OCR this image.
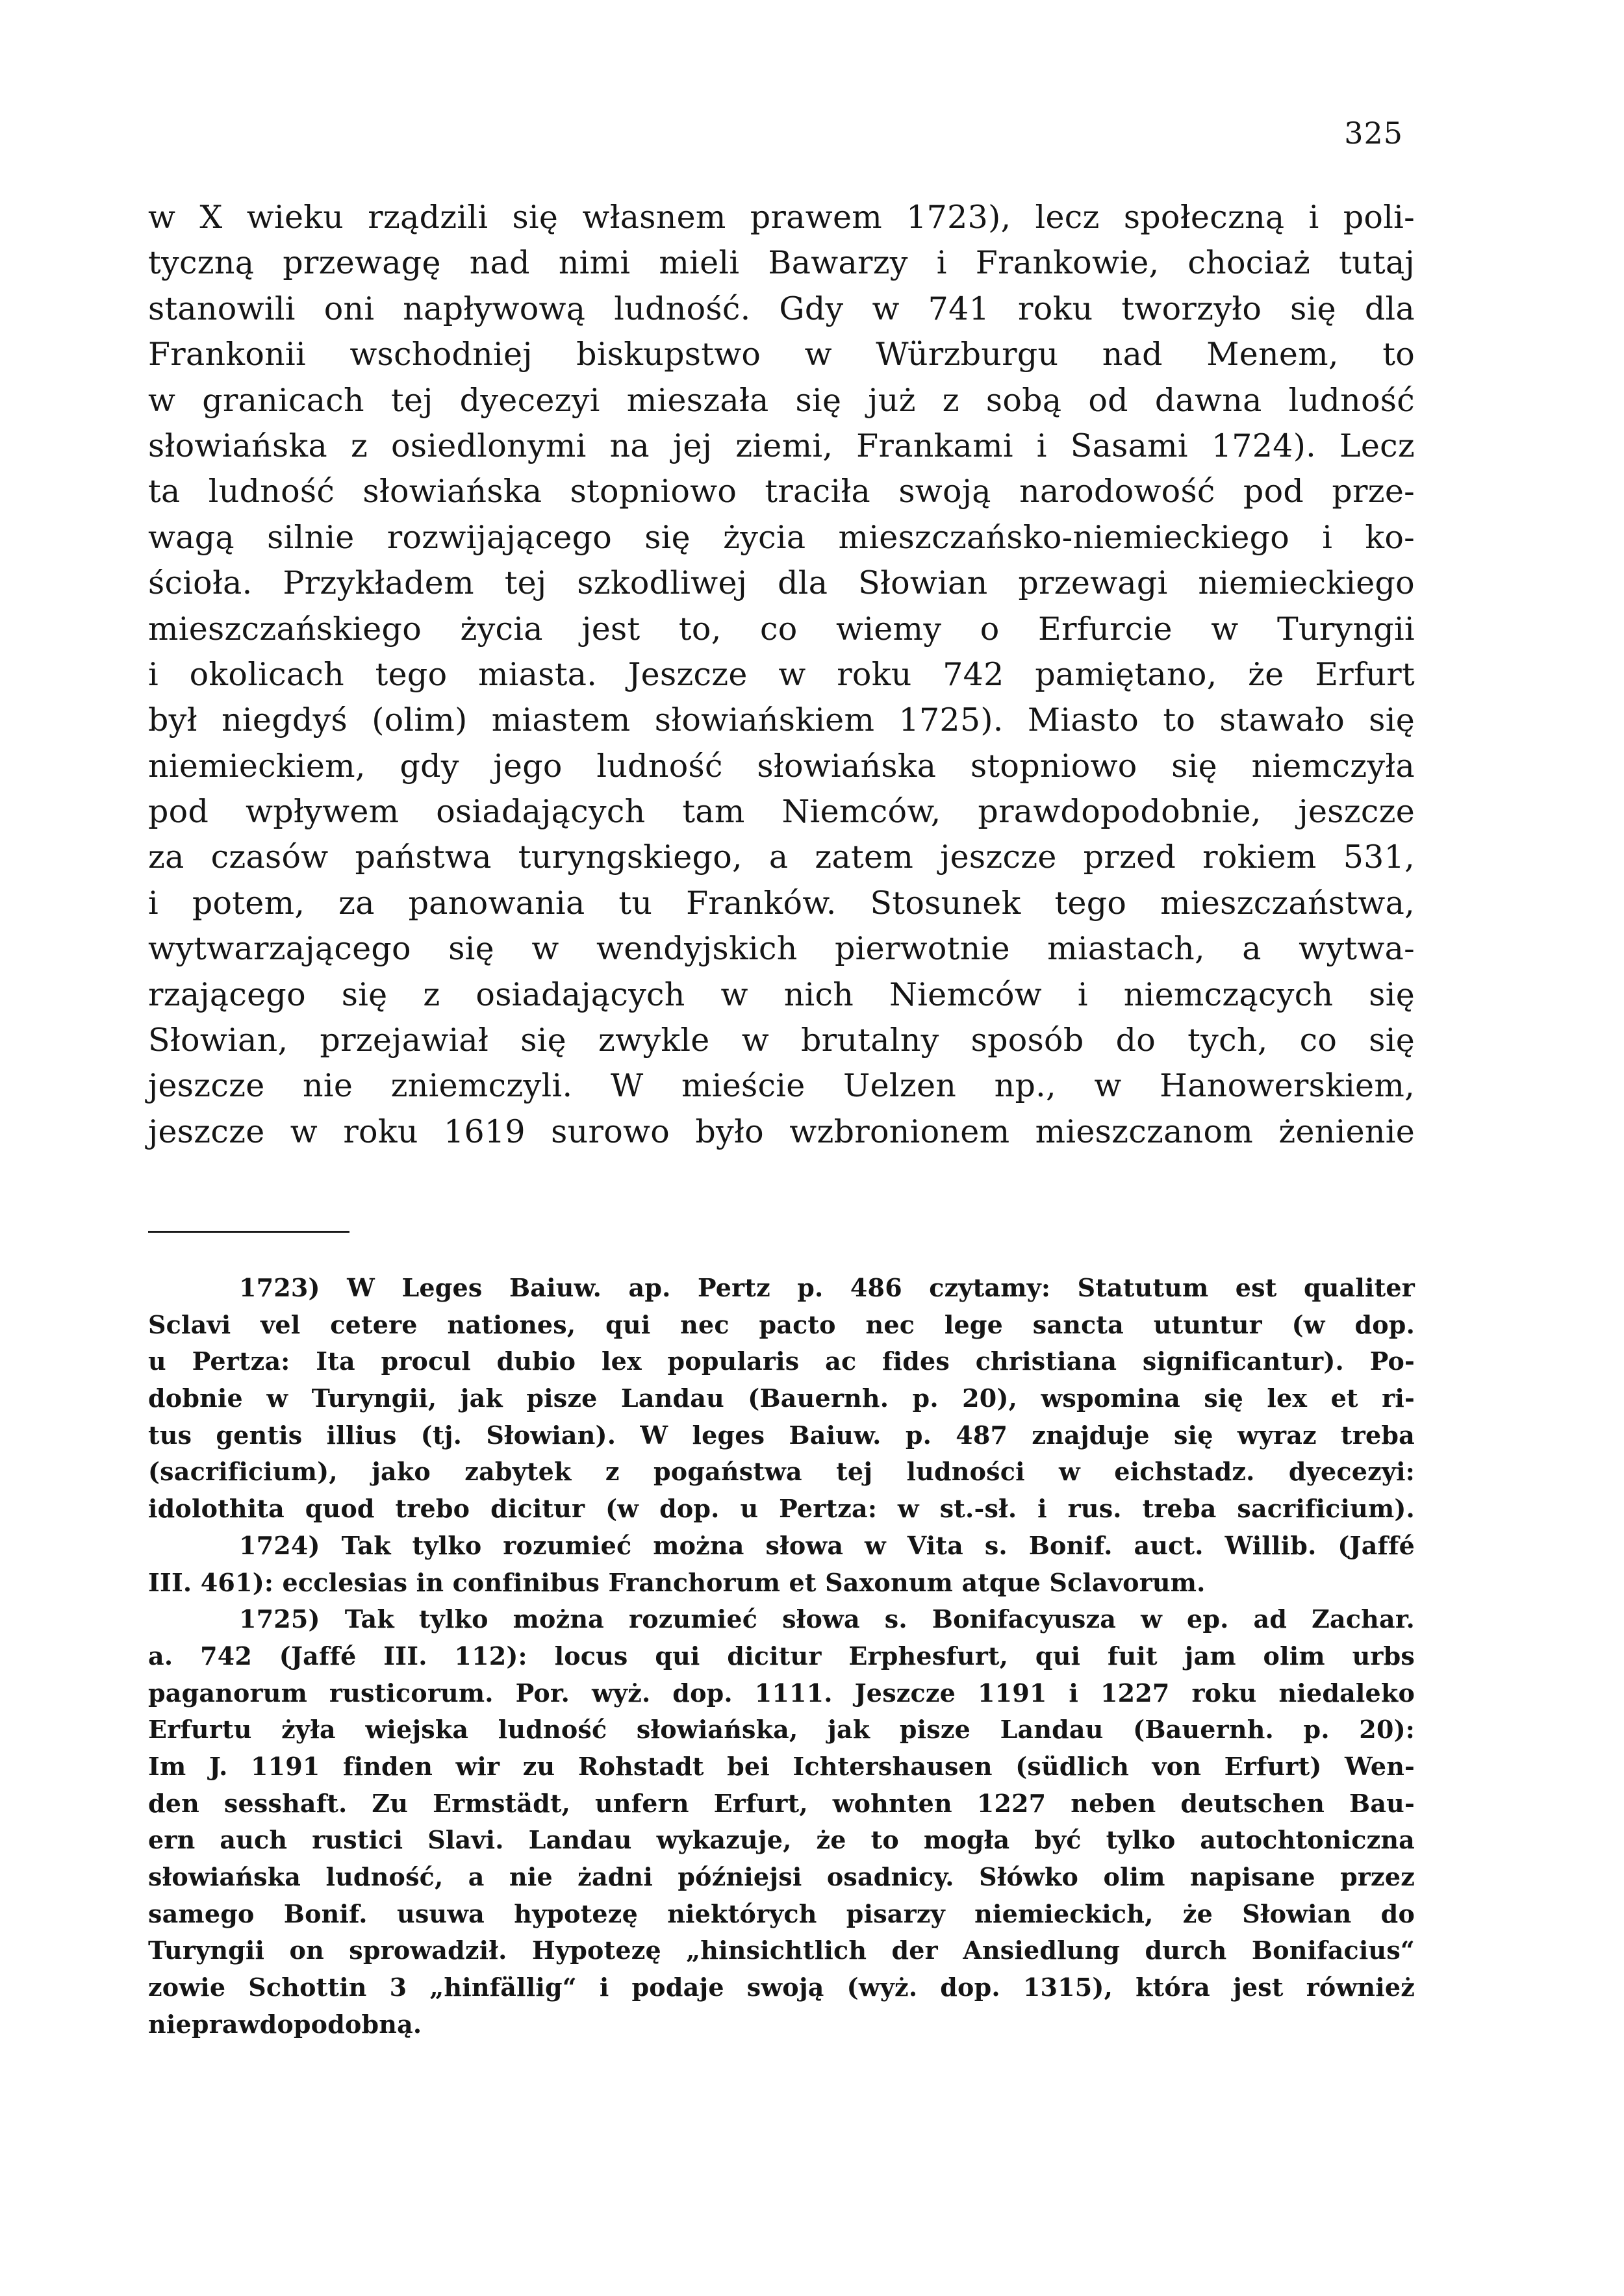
325
w X wieku rządzili się własnem prawem 1723), lecz społeczną i poli-
tyczną przewagę nad nimi mieli Bawarzy i Frankowie, chociaż tutaj
stanowili oni napływową ludność. Gdy w 741 roku tworzyło się dla
Frankonii wschodniej biskupstwo w Würzburgu nad Menem, to
w granicach tej dyecezyi mieszała się już z sobą od dawna ludność
słowiańska z osiedlonymi na jej ziemi, Frankami i Sasami 1724). Lecz
ta ludność słowiańska stopniowo traciła swoją narodowość pod prze-
wagą silnie rozwijającego się życia mieszczańsko-niemieckiego i ko-
ścioła. Przykładem tej szkodliwej dla Słowian przewagi niemieckiego
mieszczańskiego życia jest to, co wiemy o Erfurcie w Turyngii
i okolicach tego miasta. Jeszcze w roku 742 pamiętano, że Erfurt
był niegdyś (olim) miastem słowiańskiem 1725). Miasto to stawało się
niemieckiem, gdy jego ludność słowiańska stopniowo się niemczyła
pod wpływem osiadających tam Niemców, prawdopodobnie, jeszcze
za czasów państwa turyngskiego, a zatem jeszcze przed rokiem 531,
i potem, za panowania tu Franków. Stosunek tego mieszczaństwa,
wytwarzającego się w wendyjskich pierwotnie miastach, a wytwa-
rzającego się z osiadających w nich Niemców i niemczących się
Słowian, przejawiał się zwykle w brutalny sposób do tych, co się
jeszcze nie zniemczyli. W mieście Uelzen np., w Hanowerskiem,
jeszcze w roku 1619 surowo było wzbronionem mieszczanom żenienie
1723) W Leges Baiuw. ap. Pertz p. 486 czytamy: Statutum est qualiter
Sclavi vel cetere nationes, qui nec pacto nec lege sancta utuntur (w dop.
u Pertza: Ita procul dubio lex popularis ac fides christiana significantur). Po-
dobnie w Turyngii, jak pisze Landau (Bauernh. p. 20), wspomina się lex et ri-
tus gentis illius (tj. Słowian). W leges Baiuw. p. 487 znajduje się wyraz treba
(sacrificium), jako zabytek z pogaństwa tej ludności w eichstadz. dyecezyi:
idolothita quod trebo dicitur (w dop. u Pertza: w st.-sł. i rus. treba sacrificium).
1724) Tak tylko rozumieć można słowa w Vita s. Bonif. auct. Willib. (Jaffé
III. 461): ecclesias in confinibus Franchorum et Saxonum atque Sclavorum.
1725) Tak tylko można rozumieć słowa s. Bonifacyusza w ep. ad Zachar.
a. 742 (Jaffé III. 112): locus qui dicitur Erphesfurt, qui fuit jam olim urbs
paganorum rusticorum. Por. wyż. dop. 1111. Jeszcze 1191 i 1227 roku niedaleko
Erfurtu żyła wiejska ludność słowiańska, jak pisze Landau (Bauernh. p. 20):
Im J. 1191 finden wir zu Rohstadt bei Ichtershausen (südlich von Erfurt) Wen-
den sesshaft. Zu Ermstädt, unfern Erfurt, wohnten 1227 neben deutschen Bau-
ern auch rustici Slavi. Landau wykazuje, że to mogła być tylko autochtoniczna
słowiańska ludność, a nie żadni późniejsi osadnicy. Słówko olim napisane przez
samego Bonif. usuwa hypotezę niektórych pisarzy niemieckich, że Słowian do
Turyngii on sprowadził. Hypotezę „hinsichtlich der Ansiedlung durch Bonifacius“
zowie Schottin 3 „hinfällig“ i podaje swoją (wyż. dop. 1315), która jest również
nieprawdopodobną.
